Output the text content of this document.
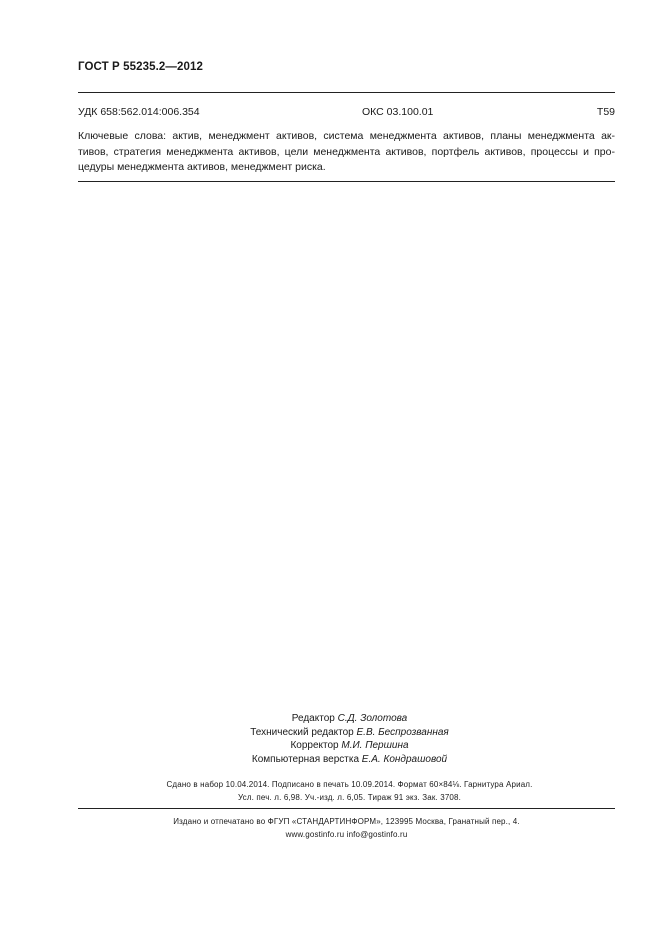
ГОСТ Р 55235.2—2012
УДК 658:562.014:006.354	ОКС 03.100.01	Т59
Ключевые слова: актив, менеджмент активов, система менеджмента активов, планы менеджмента ак-
тивов, стратегия менеджмента активов, цели менеджмента активов, портфель активов, процессы и про-
цедуры менеджмента активов, менеджмент риска.
Редактор С.Д. Золотова
Технический редактор Е.В. Беспрозванная
Корректор М.И. Першина
Компьютерная верстка Е.А. Кондрашовой
Сдано в набор 10.04.2014. Подписано в печать 10.09.2014. Формат 60×84⅛. Гарнитура Ариал.
Усл. печ. л. 6,98. Уч.-изд. л. 6,05. Тираж 91 экз. Зак. 3708.
Издано и отпечатано во ФГУП «СТАНДАРТИНФОРМ», 123995 Москва, Гранатный пер., 4.
www.gostinfo.ru info@gostinfo.ru
